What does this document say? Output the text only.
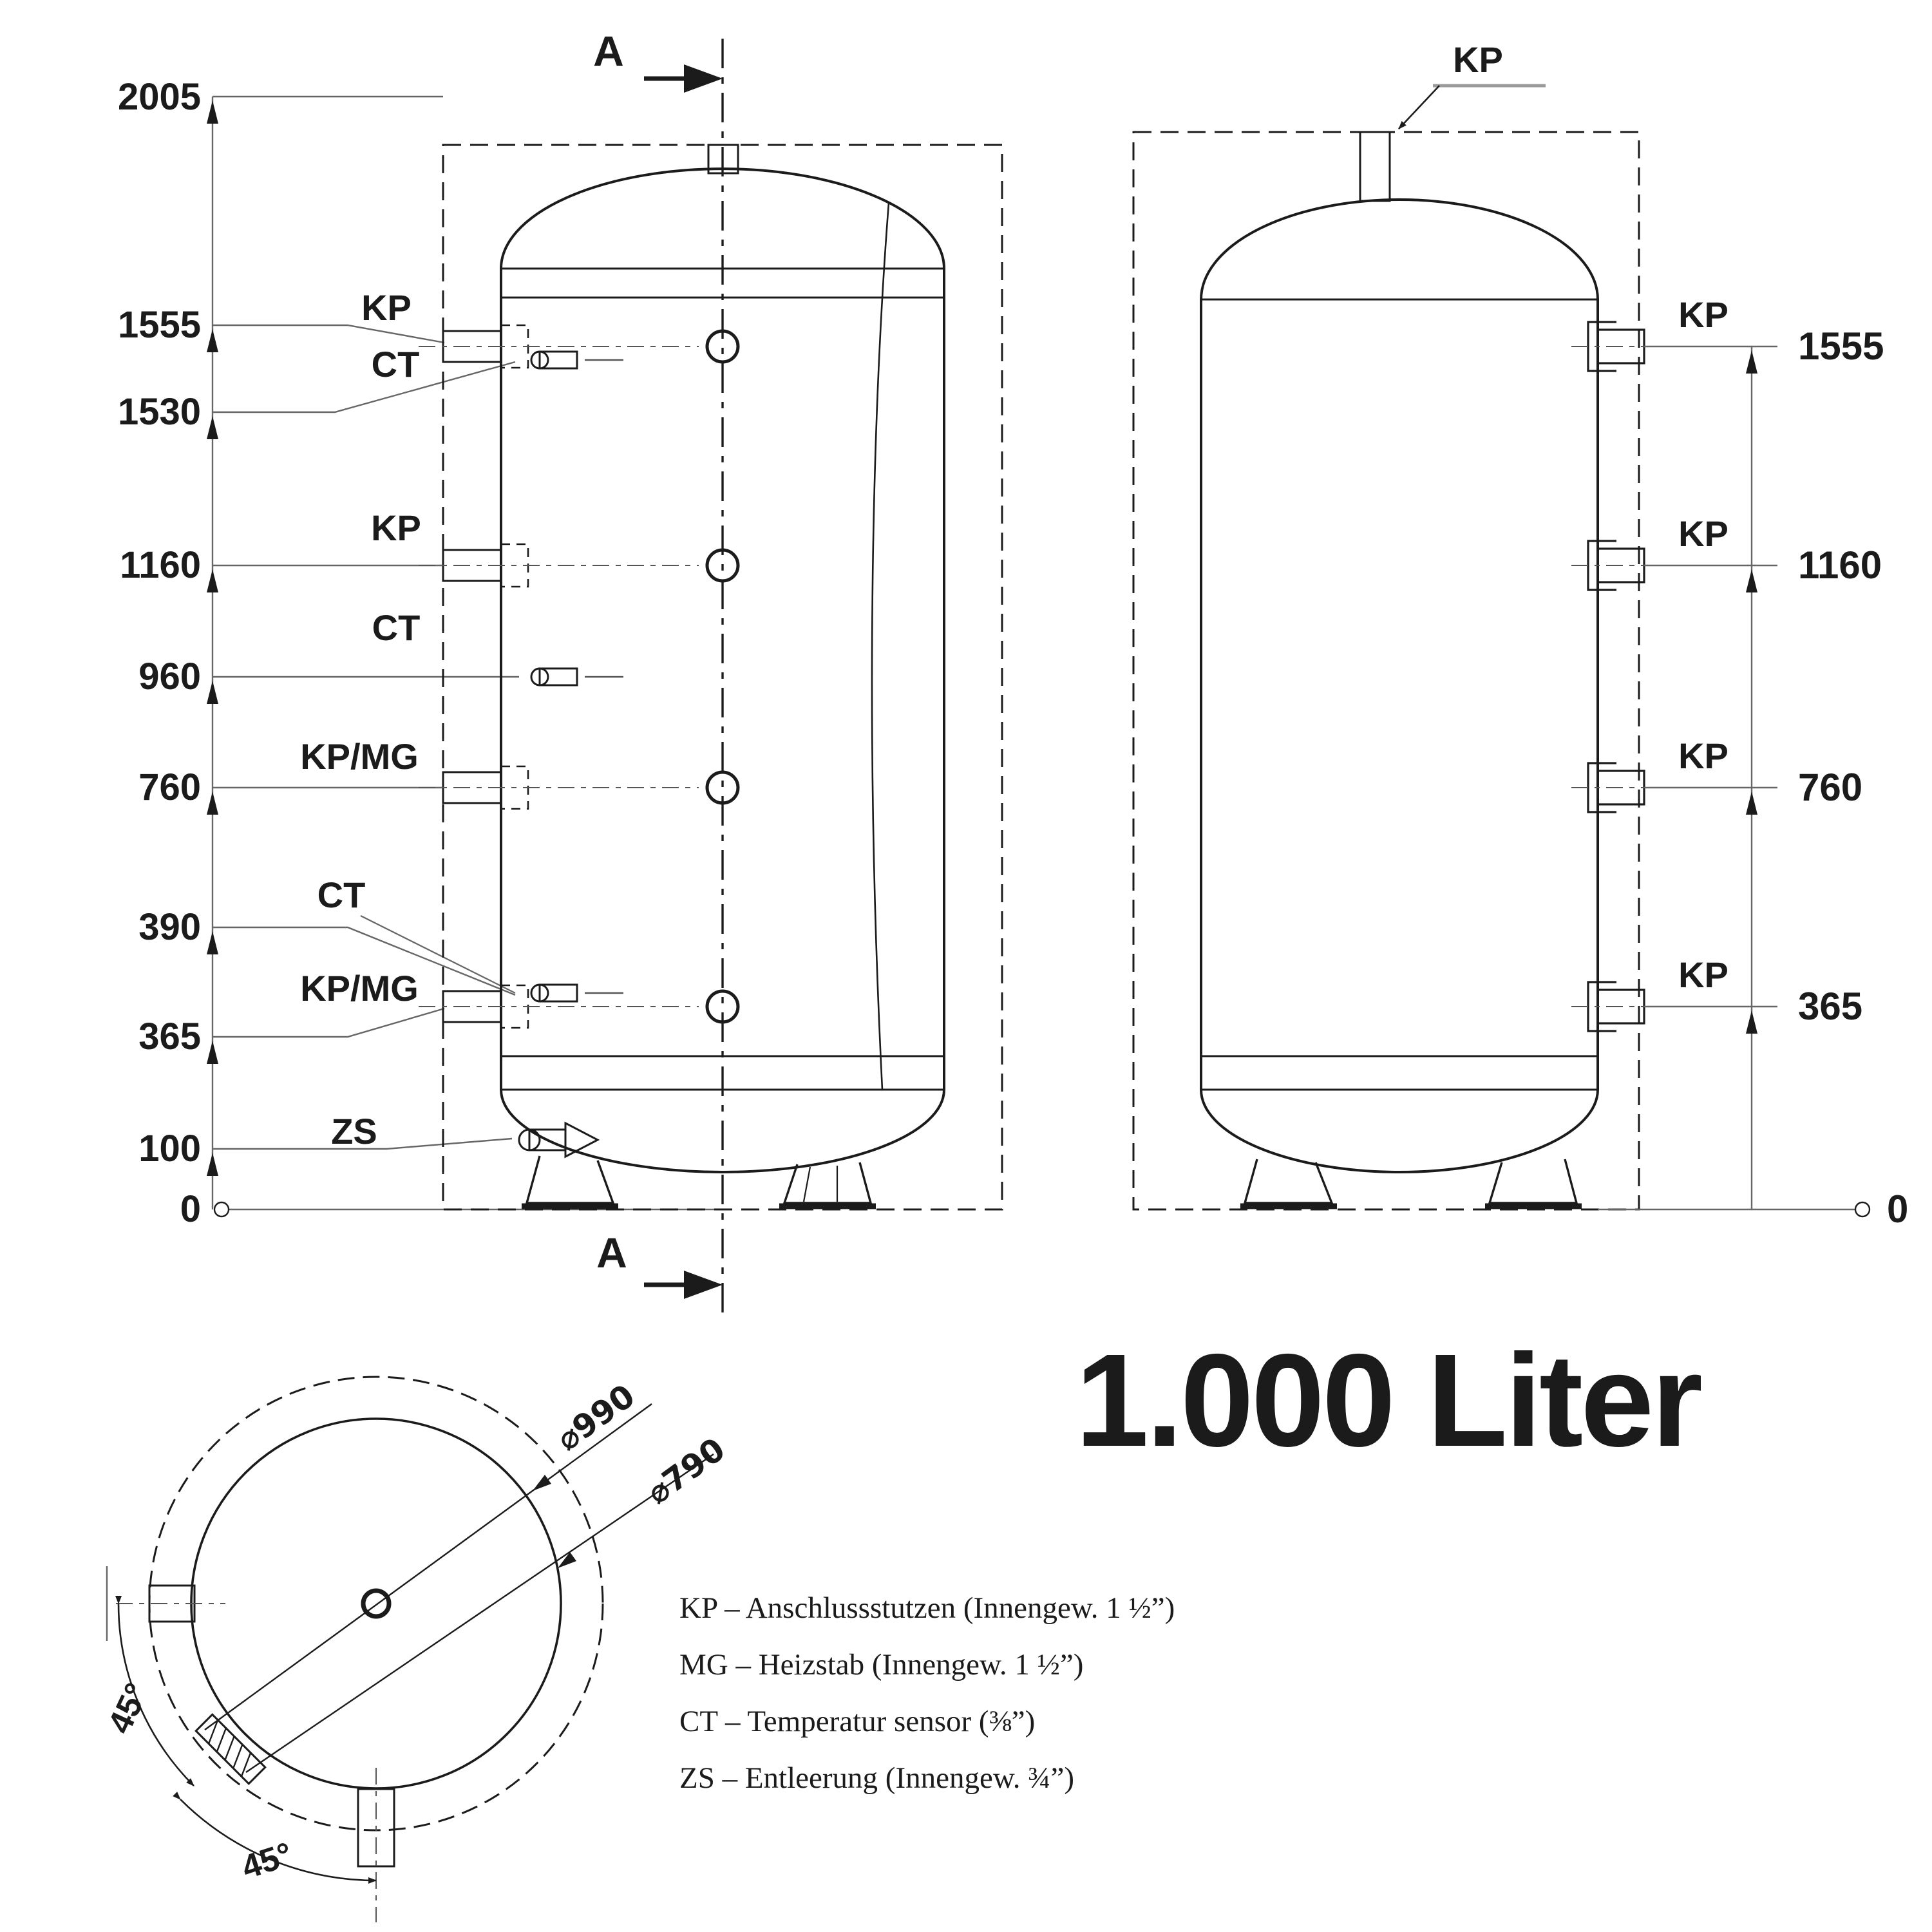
2005
1555
1530
1160
960
760
390
365
100
0
KP
CT
KP
CT
KP/MG
CT
KP/MG
ZS
A
A
KP
KP
1555
KP
1160
KP
760
KP
365
0
45°
45°
⌀990
⌀790
KP – Anschlussstutzen (Innengew. 1 ½”)
MG – Heizstab (Innengew. 1 ½”)
CT – Temperatur sensor (⅜”)
ZS – Entleerung (Innengew. ¾”)
1.000 Liter
